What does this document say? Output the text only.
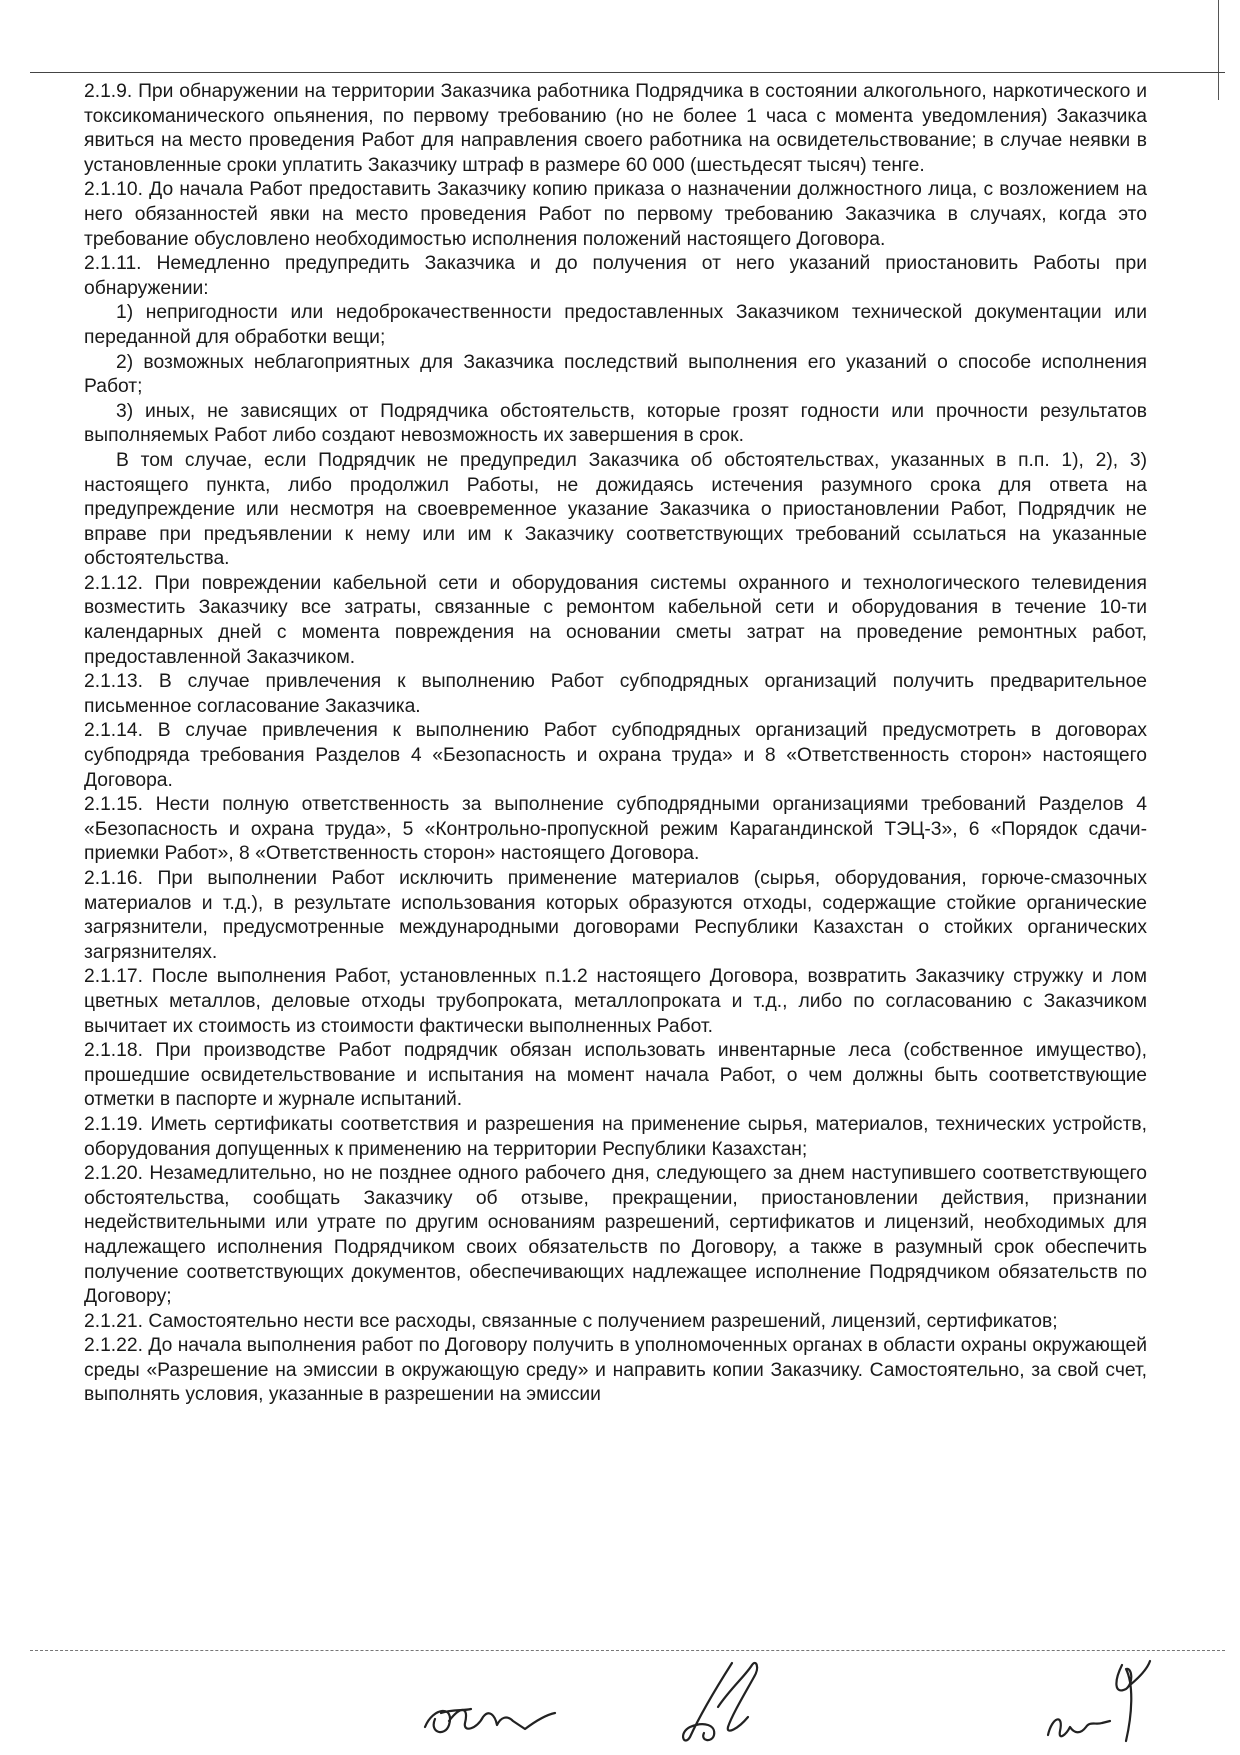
2.1.9. При обнаружении на территории Заказчика работника Подрядчика в состоянии алкогольного, наркотического и токсикоманического опьянения, по первому требованию (но не более 1 часа с момента уведомления) Заказчика явиться на место проведения Работ для направления своего работника на освидетельствование; в случае неявки в установленные сроки уплатить Заказчику штраф в размере 60 000 (шестьдесят тысяч) тенге.

2.1.10. До начала Работ предоставить Заказчику копию приказа о назначении должностного лица, с возложением на него обязанностей явки на место проведения Работ по первому требованию Заказчика в случаях, когда это требование обусловлено необходимостью исполнения положений настоящего Договора.

2.1.11. Немедленно предупредить Заказчика и до получения от него указаний приостановить Работы при обнаружении:

1) непригодности или недоброкачественности предоставленных Заказчиком технической документации или переданной для обработки вещи;

2) возможных неблагоприятных для Заказчика последствий выполнения его указаний о способе исполнения Работ;

3) иных, не зависящих от Подрядчика обстоятельств, которые грозят годности или прочности результатов выполняемых Работ либо создают невозможность их завершения в срок.

В том случае, если Подрядчик не предупредил Заказчика об обстоятельствах, указанных в п.п. 1), 2), 3) настоящего пункта, либо продолжил Работы, не дожидаясь истечения разумного срока для ответа на предупреждение или несмотря на своевременное указание Заказчика о приостановлении Работ, Подрядчик не вправе при предъявлении к нему или им к Заказчику соответствующих требований ссылаться на указанные обстоятельства.

2.1.12. При повреждении кабельной сети и оборудования системы охранного и технологического телевидения возместить Заказчику все затраты, связанные с ремонтом кабельной сети и оборудования в течение 10-ти календарных дней с момента повреждения на основании сметы затрат на проведение ремонтных работ, предоставленной Заказчиком.

2.1.13. В случае привлечения к выполнению Работ субподрядных организаций получить предварительное письменное согласование Заказчика.

2.1.14. В случае привлечения к выполнению Работ субподрядных организаций предусмотреть в договорах субподряда требования Разделов 4 «Безопасность и охрана труда» и 8 «Ответственность сторон» настоящего Договора.

2.1.15. Нести полную ответственность за выполнение субподрядными организациями требований Разделов 4 «Безопасность и охрана труда», 5 «Контрольно-пропускной режим Карагандинской ТЭЦ-3», 6 «Порядок сдачи-приемки Работ», 8 «Ответственность сторон» настоящего Договора.

2.1.16. При выполнении Работ исключить применение материалов (сырья, оборудования, горюче-смазочных материалов и т.д.), в результате использования которых образуются отходы, содержащие стойкие органические загрязнители, предусмотренные международными договорами Республики Казахстан о стойких органических загрязнителях.

2.1.17. После выполнения Работ, установленных п.1.2 настоящего Договора, возвратить Заказчику стружку и лом цветных металлов, деловые отходы трубопроката, металлопроката и т.д., либо по согласованию с Заказчиком вычитает их стоимость из стоимости фактически выполненных Работ.

2.1.18. При производстве Работ подрядчик обязан использовать инвентарные леса (собственное имущество), прошедшие освидетельствование и испытания на момент начала Работ, о чем должны быть соответствующие отметки в паспорте и журнале испытаний.

2.1.19. Иметь сертификаты соответствия и разрешения на применение сырья, материалов, технических устройств, оборудования допущенных к применению на территории Республики Казахстан;

2.1.20. Незамедлительно, но не позднее одного рабочего дня, следующего за днем наступившего соответствующего обстоятельства, сообщать Заказчику об отзыве, прекращении, приостановлении действия, признании недействительными или утрате по другим основаниям разрешений, сертификатов и лицензий, необходимых для надлежащего исполнения Подрядчиком своих обязательств по Договору, а также в разумный срок обеспечить получение соответствующих документов, обеспечивающих надлежащее исполнение Подрядчиком обязательств по Договору;

2.1.21. Самостоятельно нести все расходы, связанные с получением разрешений, лицензий, сертификатов;

2.1.22. До начала выполнения работ по Договору получить в уполномоченных органах в области охраны окружающей среды «Разрешение на эмиссии в окружающую среду» и направить копии Заказчику. Самостоятельно, за свой счет, выполнять условия, указанные в разрешении на эмиссии
